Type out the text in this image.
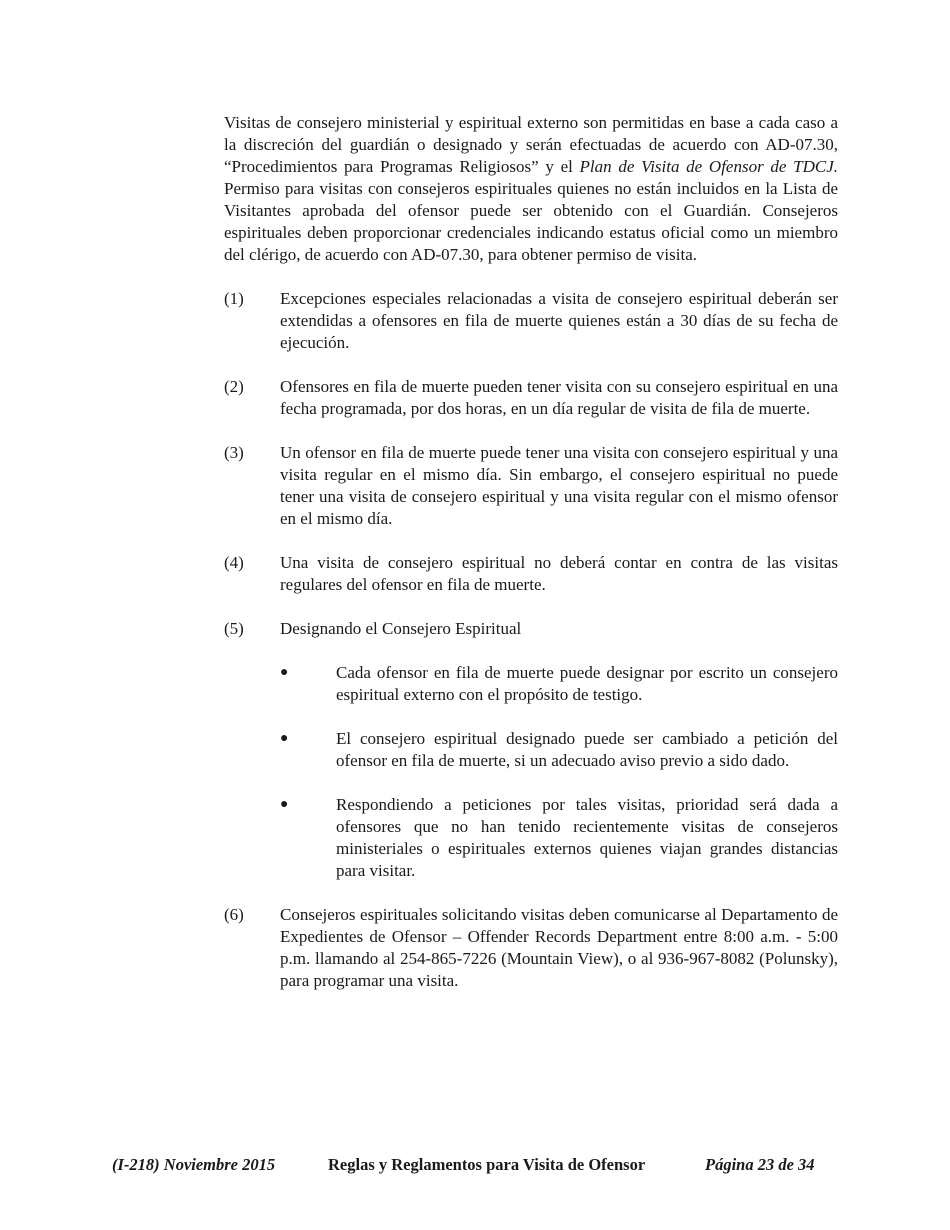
Visitas de consejero ministerial y espiritual externo son permitidas en base a cada caso a la discreción del guardián o designado y serán efectuadas de acuerdo con AD-07.30, “Procedimientos para Programas Religiosos” y el Plan de Visita de Ofensor de TDCJ. Permiso para visitas con consejeros espirituales quienes no están incluidos en la Lista de Visitantes aprobada del ofensor puede ser obtenido con el Guardián. Consejeros espirituales deben proporcionar credenciales indicando estatus oficial como un miembro del clérigo, de acuerdo con AD-07.30, para obtener permiso de visita.

(1) Excepciones especiales relacionadas a visita de consejero espiritual deberán ser extendidas a ofensores en fila de muerte quienes están a 30 días de su fecha de ejecución.
(2) Ofensores en fila de muerte pueden tener visita con su consejero espiritual en una fecha programada, por dos horas, en un día regular de visita de fila de muerte.
(3) Un ofensor en fila de muerte puede tener una visita con consejero espiritual y una visita regular en el mismo día. Sin embargo, el consejero espiritual no puede tener una visita de consejero espiritual y una visita regular con el mismo ofensor en el mismo día.
(4) Una visita de consejero espiritual no deberá contar en contra de las visitas regulares del ofensor en fila de muerte.
(5) Designando el Consejero Espiritual
●	Cada ofensor en fila de muerte puede designar por escrito un consejero espiritual externo con el propósito de testigo.
●	El consejero espiritual designado puede ser cambiado a petición del ofensor en fila de muerte, si un adecuado aviso previo a sido dado.
●	Respondiendo a peticiones por tales visitas, prioridad será dada a ofensores que no han tenido recientemente visitas de consejeros ministeriales o espirituales externos quienes viajan grandes distancias para visitar.
(6) Consejeros espirituales solicitando visitas deben comunicarse al Departamento de Expedientes de Ofensor – Offender Records Department entre 8:00 a.m. - 5:00 p.m. llamando al 254-865-7226 (Mountain View), o al 936-967-8082 (Polunsky), para programar una visita.
(I-218) Noviembre 2015	Reglas y Reglamentos para Visita de Ofensor	Página 23 de 34
